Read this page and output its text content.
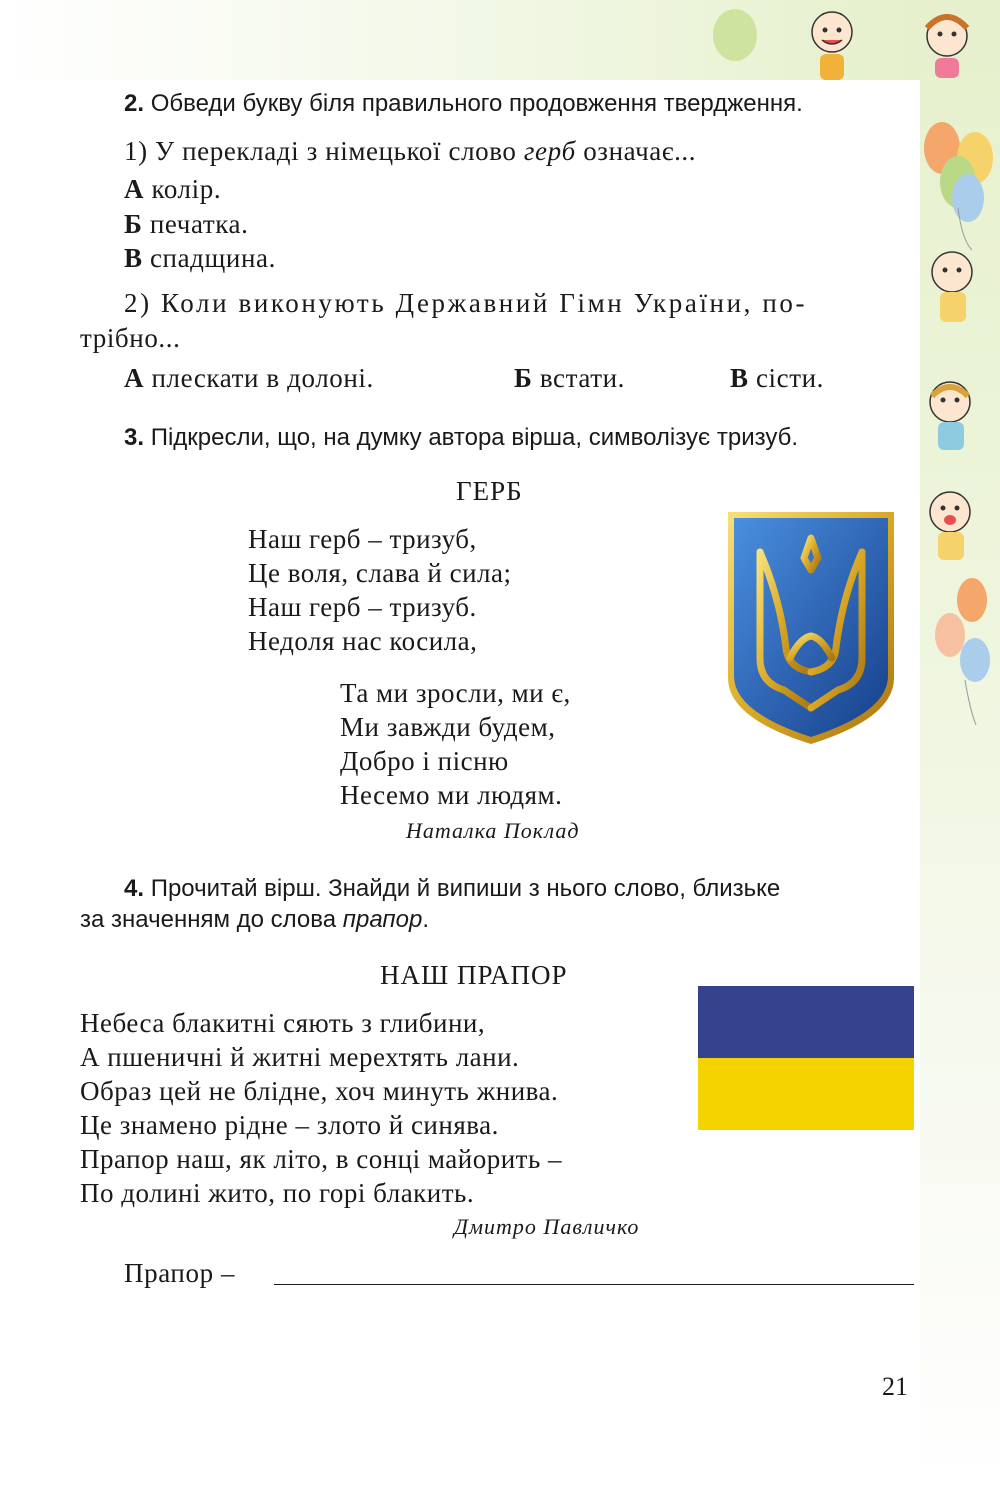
2. Обведи букву біля правильного продовження твердження.
1) У перекладі з німецької слово герб означає...
А колір.
Б печатка.
В спадщина.
2) Коли виконують Державний Гімн України, по-
трібно...
А плескати в долоні.	Б встати.	В сісти.
3. Підкресли, що, на думку автора вірша, символізує тризуб.
ГЕРБ
Наш герб – тризуб,
Це воля, слава й сила;
Наш герб – тризуб.
Недоля нас косила,
Та ми зросли, ми є,
Ми завжди будем,
Добро і пісню
Несемо ми людям.
Наталка Поклад
4. Прочитай вірш. Знайди й випиши з нього слово, близьке
за значенням до слова прапор.
НАШ ПРАПОР
Небеса блакитні сяють з глибини,
А пшеничні й житні мерехтять лани.
Образ цей не блідне, хоч минуть жнива.
Це знамено рідне – злото й синява.
Прапор наш, як літо, в сонці майорить –
По долині жито, по горі блакить.
Дмитро Павличко
Прапор –
21
